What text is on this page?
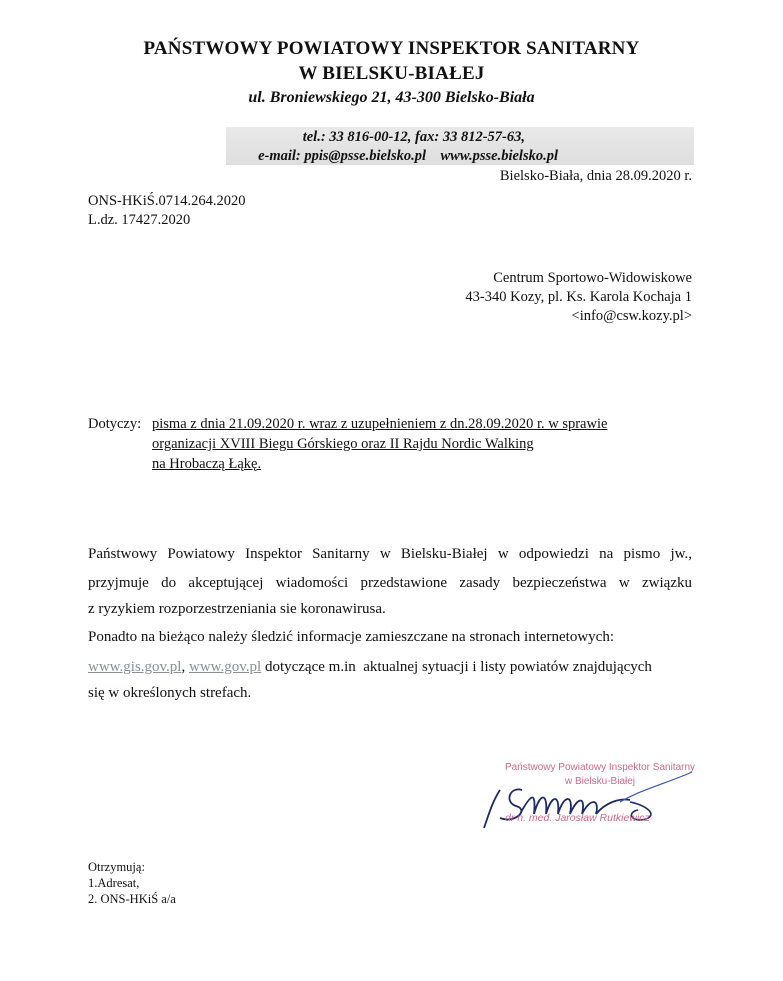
PAŃSTWOWY POWIATOWY INSPEKTOR SANITARNY
W BIELSKU-BIAŁEJ
ul. Broniewskiego 21, 43-300 Bielsko-Biała
tel.: 33 816-00-12, fax: 33 812-57-63,
e-mail: ppis@psse.bielsko.pl    www.psse.bielsko.pl
Bielsko-Biała, dnia 28.09.2020 r.
ONS-HKiŚ.0714.264.2020
L.dz. 17427.2020
Centrum Sportowo-Widowiskowe
43-340 Kozy, pl. Ks. Karola Kochaja 1
<info@csw.kozy.pl>
Dotyczy: pisma z dnia 21.09.2020 r. wraz z uzupełnieniem z dn.28.09.2020 r. w sprawie
organizacji XVIII Biegu Górskiego oraz II Rajdu Nordic Walking
na Hrobaczą Łąkę.
Państwowy Powiatowy Inspektor Sanitarny w Bielsku-Białej w odpowiedzi na pismo jw.,
przyjmuje do akceptującej wiadomości przedstawione zasady bezpieczeństwa w związku
z ryzykiem rozporzestrzeniania sie koronawirusa.
Ponadto na bieżąco należy śledzić informacje zamieszczane na stronach internetowych:
www.gis.gov.pl, www.gov.pl dotyczące m.in  aktualnej sytuacji i listy powiatów znajdujących
się w określonych strefach.
Państwowy Powiatowy Inspektor Sanitarny
w Bielsku-Białej
dr n. med. Jarosław Rutkiewicz
Otrzymują:
1.Adresat,
2. ONS-HKiŚ a/a
